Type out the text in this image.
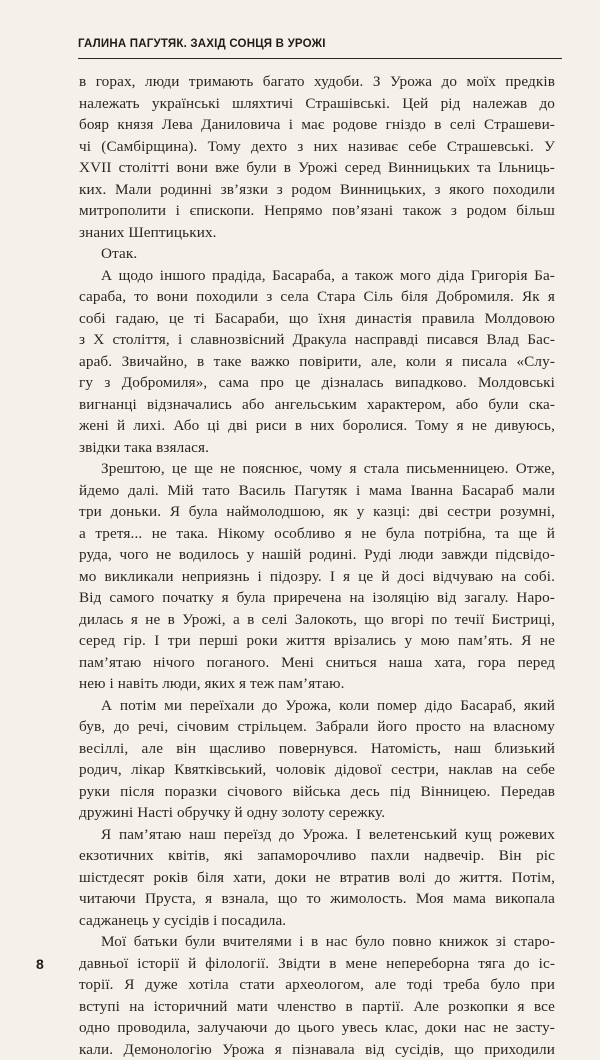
ГАЛИНА ПАГУТЯК. ЗАХІД СОНЦЯ В УРОЖІ
в горах, люди тримають багато худоби. З Урожа до моїх предків
належать українські шляхтичі Страшівські. Цей рід належав до
бояр князя Лева Даниловича і має родове гніздо в селі Страшеви-
чі (Самбірщина). Тому дехто з них називає себе Страшевські. У
XVII столітті вони вже були в Урожі серед Винницьких та Ільниць-
ких. Мали родинні зв’язки з родом Винницьких, з якого походили
митрополити і єпископи. Непрямо пов’язані також з родом більш
знаних Шептицьких.
Отак.
А щодо іншого прадіда, Басараба, а також мого діда Григорія Ба-
сараба, то вони походили з села Стара Сіль біля Добромиля. Як я
собі гадаю, це ті Басараби, що їхня династія правила Молдовою
з X століття, і славнозвісний Дракула насправді писався Влад Бас-
араб. Звичайно, в таке важко повірити, але, коли я писала «Слу-
гу з Добромиля», сама про це дізналась випадково. Молдовські
вигнанці відзначались або ангельським характером, або були ска-
жені й лихі. Або ці дві риси в них боролися. Тому я не дивуюсь,
звідки така взялася.
Зрештою, це ще не пояснює, чому я стала письменницею. Отже,
йдемо далі. Мій тато Василь Пагутяк і мама Іванна Басараб мали
три доньки. Я була наймолодшою, як у казці: дві сестри розумні,
а третя... не така. Нікому особливо я не була потрібна, та ще й
руда, чого не водилось у нашій родині. Руді люди завжди підсвідо-
мо викликали неприязнь і підозру. І я це й досі відчуваю на собі.
Від самого початку я була приречена на ізоляцію від загалу. Наро-
дилась я не в Урожі, а в селі Залокоть, що вгорі по течії Бистриці,
серед гір. І три перші роки життя врізались у мою пам’ять. Я не
пам’ятаю нічого поганого. Мені сниться наша хата, гора перед
нею і навіть люди, яких я теж пам’ятаю.
А потім ми переїхали до Урожа, коли помер дідо Басараб, який
був, до речі, січовим стрільцем. Забрали його просто на власному
весіллі, але він щасливо повернувся. Натомість, наш близький
родич, лікар Квятківський, чоловік дідової сестри, наклав на себе
руки після поразки січового війська десь під Вінницею. Передав
дружині Насті обручку й одну золоту сережку.
Я пам’ятаю наш переїзд до Урожа. І велетенський кущ рожевих
екзотичних квітів, які запаморочливо пахли надвечір. Він ріс
шістдесят років біля хати, доки не втратив волі до життя. Потім,
читаючи Пруста, я взнала, що то жимолость. Моя мама викопала
саджанець у сусідів і посадила.
Мої батьки були вчителями і в нас було повно книжок зі старо-
давньої історії й філології. Звідти в мене непереборна тяга до іс-
торії. Я дуже хотіла стати археологом, але тоді треба було при
вступі на історичний мати членство в партії. Але розкопки я все
одно проводила, залучаючи до цього увесь клас, доки нас не засту-
кали. Демонологію Урожа я пізнавала від сусідів, що приходили
8
